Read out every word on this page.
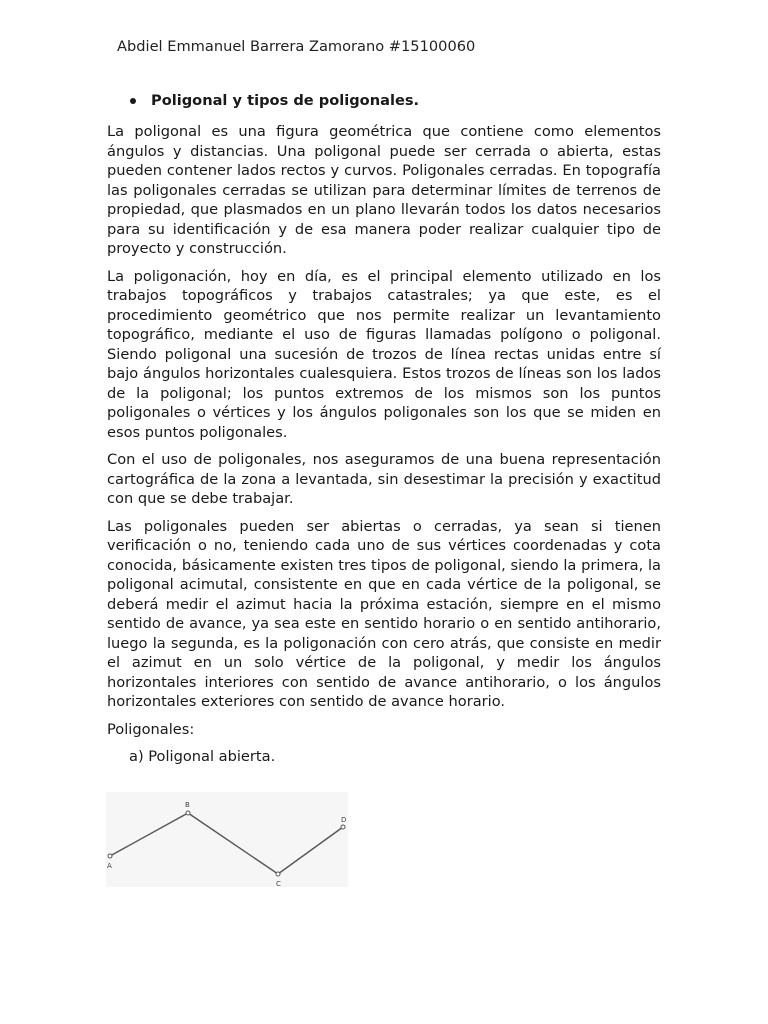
Abdiel Emmanuel Barrera Zamorano #15100060
Poligonal y tipos de poligonales.

La poligonal es una figura geométrica que contiene como elementos ángulos y distancias. Una poligonal puede ser cerrada o abierta, estas pueden contener lados rectos y curvos. Poligonales cerradas. En topografía las poligonales cerradas se utilizan para determinar límites de terrenos de propiedad, que plasmados en un plano llevarán todos los datos necesarios para su identificación y de esa manera poder realizar cualquier tipo de proyecto y construcción.

La poligonación, hoy en día, es el principal elemento utilizado en los trabajos topográficos y trabajos catastrales; ya que este, es el procedimiento geométrico que nos permite realizar un levantamiento topográfico, mediante el uso de figuras llamadas polígono o poligonal. Siendo poligonal una sucesión de trozos de línea rectas unidas entre sí bajo ángulos horizontales cualesquiera. Estos trozos de líneas son los lados de la poligonal; los puntos extremos de los mismos son los puntos poligonales o vértices y los ángulos poligonales son los que se miden en esos puntos poligonales.

Con el uso de poligonales, nos aseguramos de una buena representación cartográfica de la zona a levantada, sin desestimar la precisión y exactitud con que se debe trabajar.

Las poligonales pueden ser abiertas o cerradas, ya sean si tienen verificación o no, teniendo cada uno de sus vértices coordenadas y cota conocida, básicamente existen tres tipos de poligonal, siendo la primera, la poligonal acimutal, consistente en que en cada vértice de la poligonal, se deberá medir el azimut hacia la próxima estación, siempre en el mismo sentido de avance, ya sea este en sentido horario o en sentido antihorario, luego la segunda, es la poligonación con cero atrás, que consiste en medir el azimut en un solo vértice de la poligonal, y medir los ángulos horizontales interiores con sentido de avance antihorario, o los ángulos horizontales exteriores con sentido de avance horario.

Poligonales:

a) Poligonal abierta.

A
B
C
D
